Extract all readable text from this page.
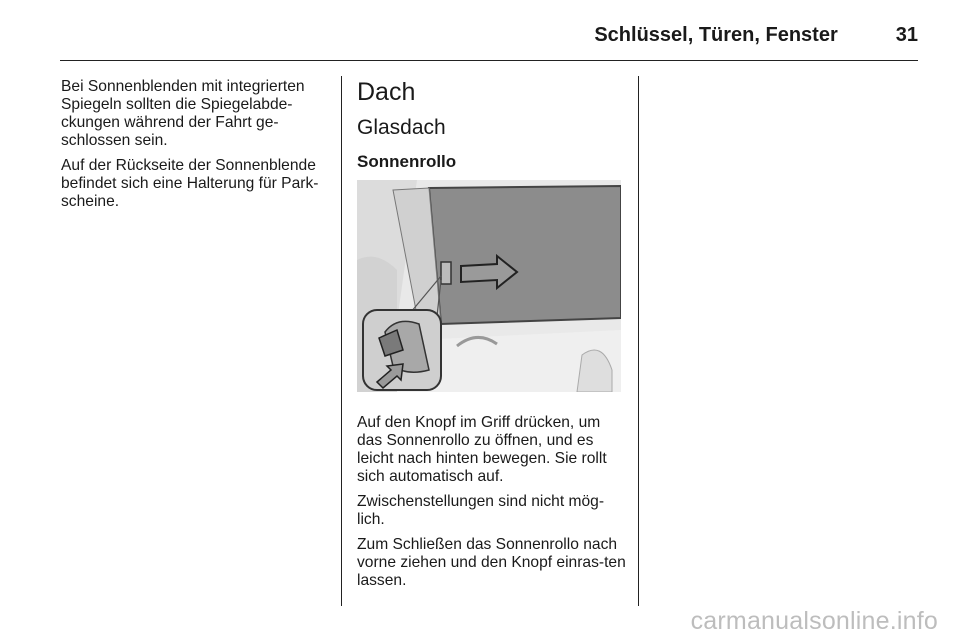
Schlüssel, Türen, Fenster	31

Bei Sonnenblenden mit integrierten Spiegeln sollten die Spiegelabde-ckungen während der Fahrt ge-schlossen sein.

Auf der Rückseite der Sonnenblende befindet sich eine Halterung für Park-scheine.

Dach
Glasdach
Sonnenrollo

Auf den Knopf im Griff drücken, um das Sonnenrollo zu öffnen, und es leicht nach hinten bewegen. Sie rollt sich automatisch auf.

Zwischenstellungen sind nicht mög-lich.

Zum Schließen das Sonnenrollo nach vorne ziehen und den Knopf einras-ten lassen.

carmanualsonline.info
